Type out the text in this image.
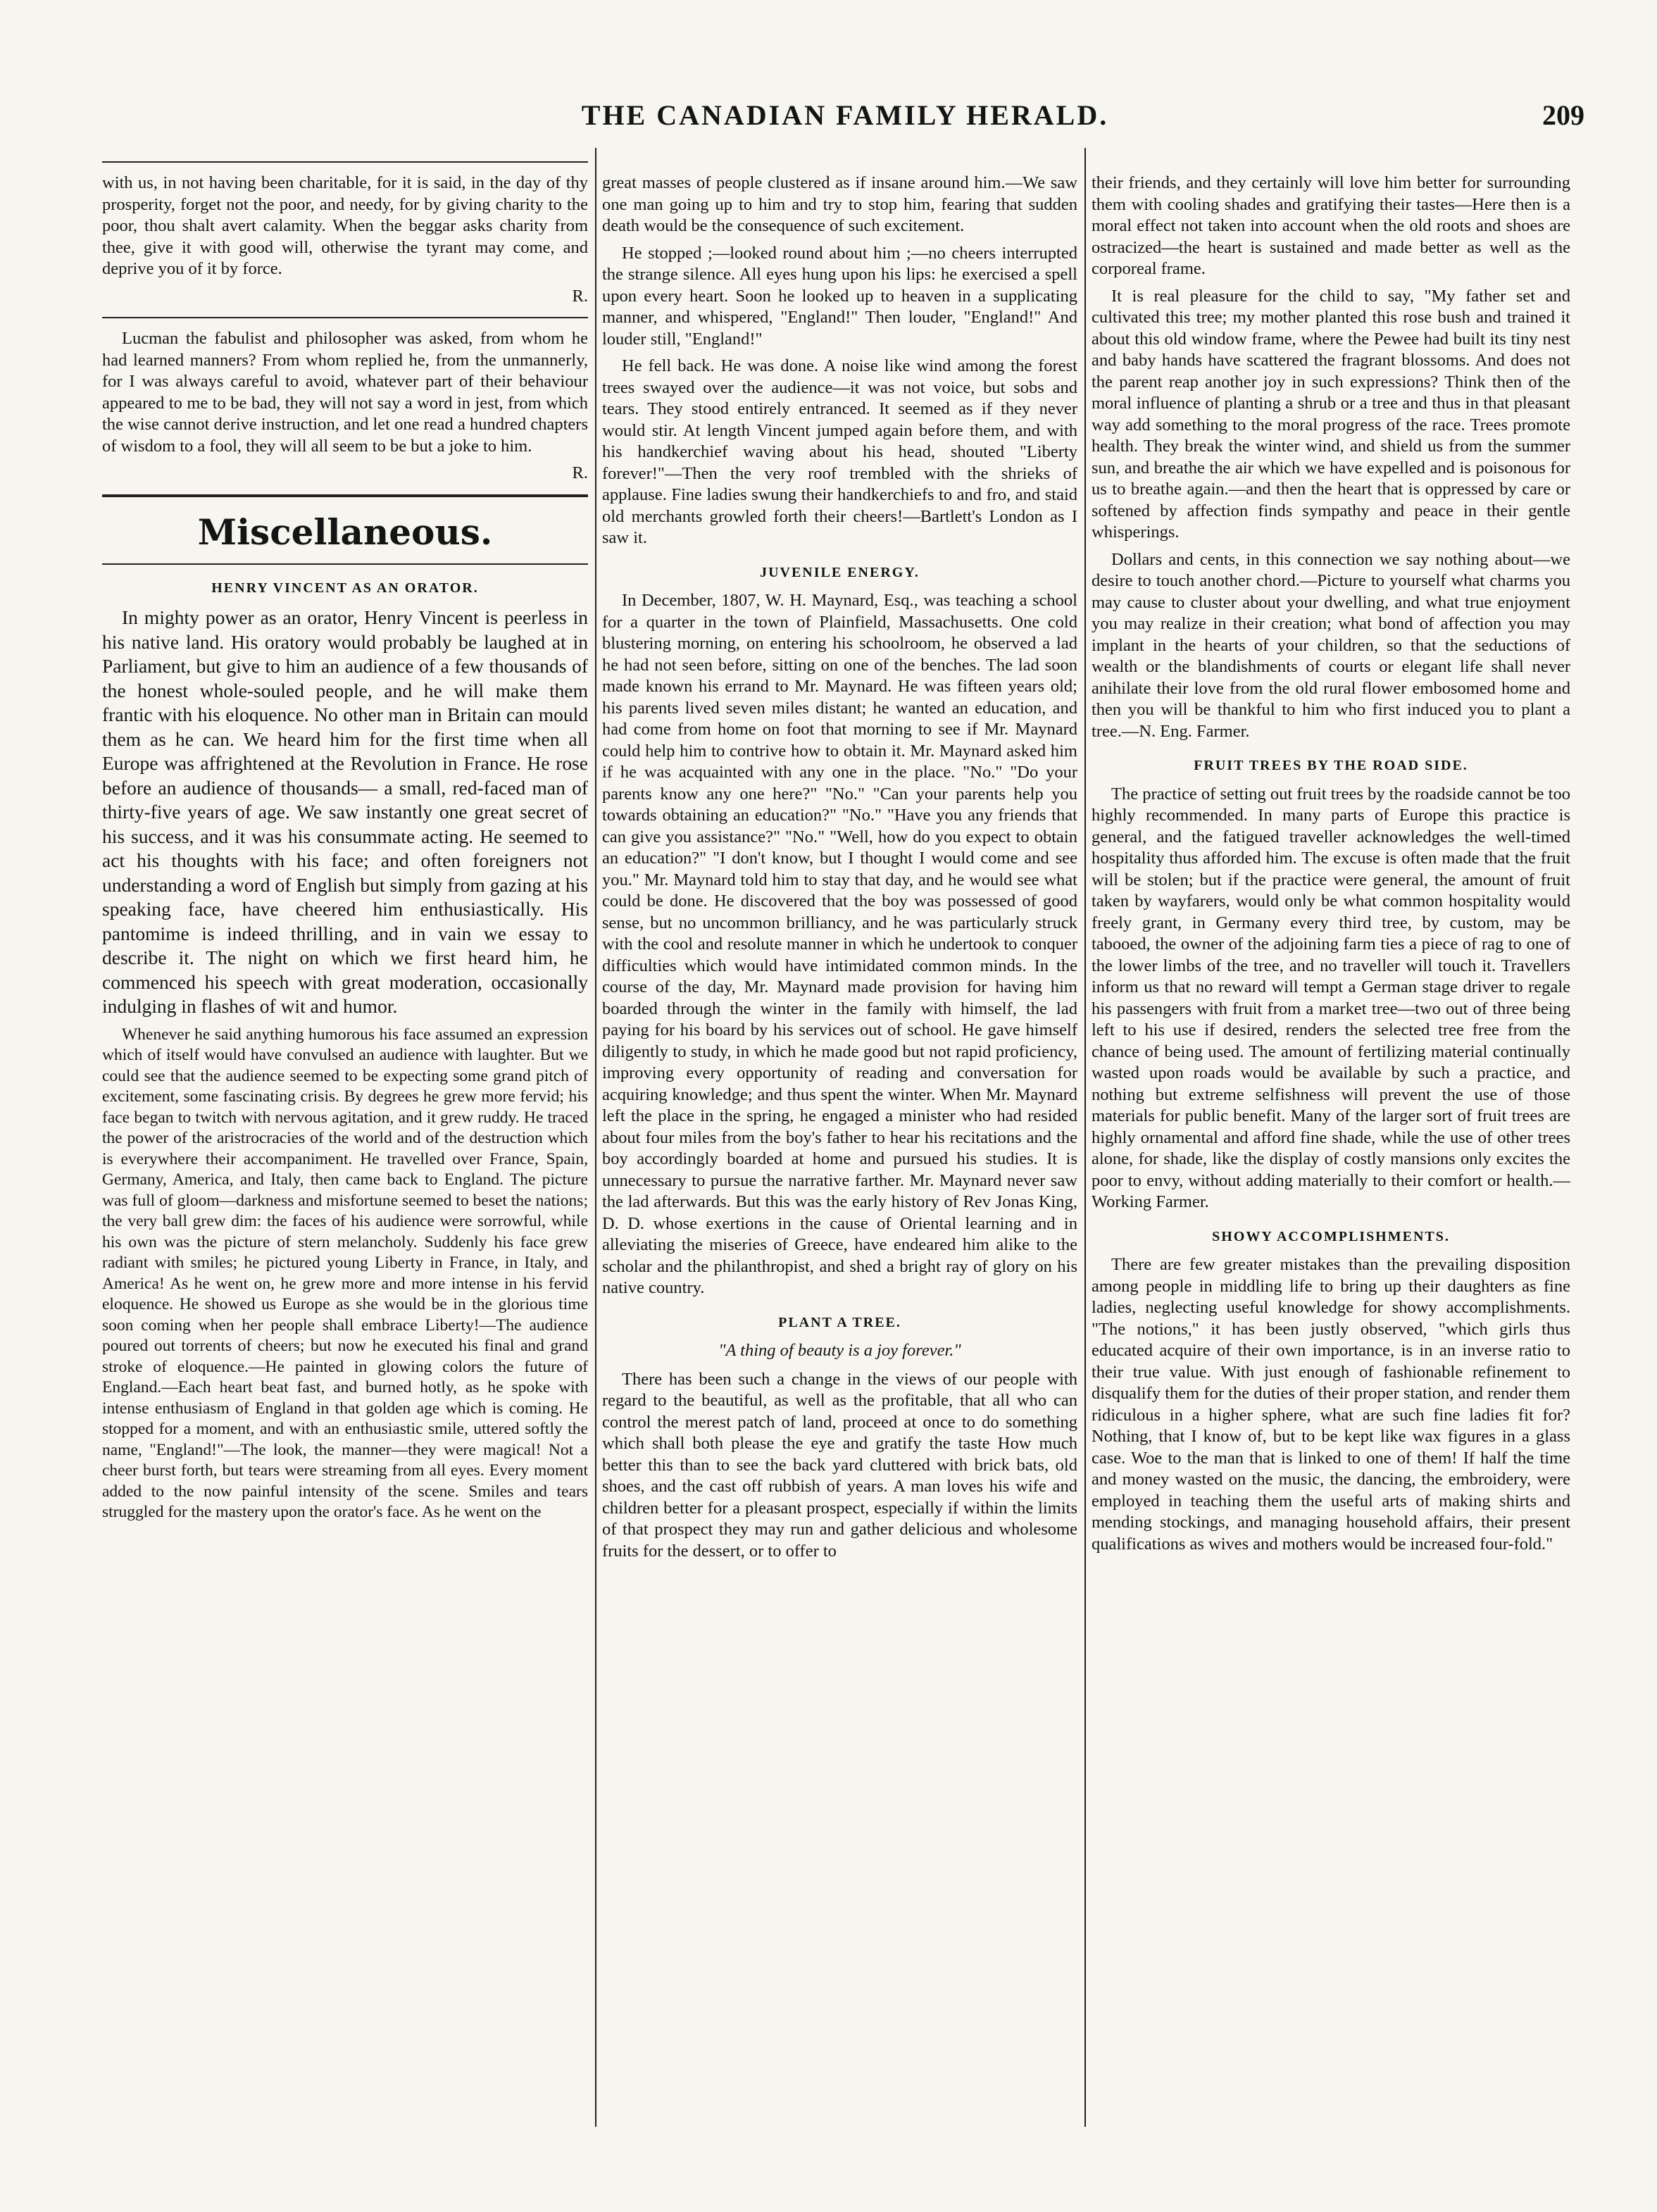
THE CANADIAN FAMILY HERALD.	209

with us, in not having been charitable, for it is said, in the day of thy prosperity, forget not the poor, and needy, for by giving charity to the poor, thou shalt avert calamity. When the beggar asks charity from thee, give it with good will, otherwise the tyrant may come, and deprive you of it by force.

R.

Lucman the fabulist and philosopher was asked, from whom he had learned manners? From whom replied he, from the unmannerly, for I was always careful to avoid, whatever part of their behaviour appeared to me to be bad, they will not say a word in jest, from which the wise cannot derive instruction, and let one read a hundred chapters of wisdom to a fool, they will all seem to be but a joke to him.

R.
Miscellaneous.
HENRY VINCENT AS AN ORATOR.

In mighty power as an orator, Henry Vincent is peerless in his native land. His oratory would probably be laughed at in Parliament, but give to him an audience of a few thousands of the honest whole-souled people, and he will make them frantic with his eloquence. No other man in Britain can mould them as he can. We heard him for the first time when all Europe was affrightened at the Revolution in France. He rose before an audience of thousands— a small, red-faced man of thirty-five years of age. We saw instantly one great secret of his success, and it was his consummate acting. He seemed to act his thoughts with his face; and often foreigners not understanding a word of English but simply from gazing at his speaking face, have cheered him enthusiastically. His pantomime is indeed thrilling, and in vain we essay to describe it. The night on which we first heard him, he commenced his speech with great moderation, occasionally indulging in flashes of wit and humor.

Whenever he said anything humorous his face assumed an expression which of itself would have convulsed an audience with laughter. But we could see that the audience seemed to be expecting some grand pitch of excitement, some fascinating crisis. By degrees he grew more fervid; his face began to twitch with nervous agitation, and it grew ruddy. He traced the power of the aristrocracies of the world and of the destruction which is everywhere their accompaniment. He travelled over France, Spain, Germany, America, and Italy, then came back to England. The picture was full of gloom—darkness and misfortune seemed to beset the nations; the very ball grew dim: the faces of his audience were sorrowful, while his own was the picture of stern melancholy. Suddenly his face grew radiant with smiles; he pictured young Liberty in France, in Italy, and America! As he went on, he grew more and more intense in his fervid eloquence. He showed us Europe as she would be in the glorious time soon coming when her people shall embrace Liberty!—The audience poured out torrents of cheers; but now he executed his final and grand stroke of eloquence.—He painted in glowing colors the future of England.—Each heart beat fast, and burned hotly, as he spoke with intense enthusiasm of England in that golden age which is coming. He stopped for a moment, and with an enthusiastic smile, uttered softly the name, "England!"—The look, the manner—they were magical! Not a cheer burst forth, but tears were streaming from all eyes. Every moment added to the now painful intensity of the scene. Smiles and tears struggled for the mastery upon the orator's face. As he went on the

great masses of people clustered as if insane around him.—We saw one man going up to him and try to stop him, fearing that sudden death would be the consequence of such excitement.

He stopped ;—looked round about him ;—no cheers interrupted the strange silence. All eyes hung upon his lips: he exercised a spell upon every heart. Soon he looked up to heaven in a supplicating manner, and whispered, "England!" Then louder, "England!" And louder still, "England!"

He fell back. He was done. A noise like wind among the forest trees swayed over the audience—it was not voice, but sobs and tears. They stood entirely entranced. It seemed as if they never would stir. At length Vincent jumped again before them, and with his handkerchief waving about his head, shouted "Liberty forever!"—Then the very roof trembled with the shrieks of applause. Fine ladies swung their handkerchiefs to and fro, and staid old merchants growled forth their cheers!—Bartlett's London as I saw it.

JUVENILE ENERGY.

In December, 1807, W. H. Maynard, Esq., was teaching a school for a quarter in the town of Plainfield, Massachusetts. One cold blustering morning, on entering his schoolroom, he observed a lad he had not seen before, sitting on one of the benches. The lad soon made known his errand to Mr. Maynard. He was fifteen years old; his parents lived seven miles distant; he wanted an education, and had come from home on foot that morning to see if Mr. Maynard could help him to contrive how to obtain it. Mr. Maynard asked him if he was acquainted with any one in the place. "No." "Do your parents know any one here?" "No." "Can your parents help you towards obtaining an education?" "No." "Have you any friends that can give you assistance?" "No." "Well, how do you expect to obtain an education?" "I don't know, but I thought I would come and see you." Mr. Maynard told him to stay that day, and he would see what could be done. He discovered that the boy was possessed of good sense, but no uncommon brilliancy, and he was particularly struck with the cool and resolute manner in which he undertook to conquer difficulties which would have intimidated common minds. In the course of the day, Mr. Maynard made provision for having him boarded through the winter in the family with himself, the lad paying for his board by his services out of school. He gave himself diligently to study, in which he made good but not rapid proficiency, improving every opportunity of reading and conversation for acquiring knowledge; and thus spent the winter. When Mr. Maynard left the place in the spring, he engaged a minister who had resided about four miles from the boy's father to hear his recitations and the boy accordingly boarded at home and pursued his studies. It is unnecessary to pursue the narrative farther. Mr. Maynard never saw the lad afterwards. But this was the early history of Rev Jonas King, D. D. whose exertions in the cause of Oriental learning and in alleviating the miseries of Greece, have endeared him alike to the scholar and the philanthropist, and shed a bright ray of glory on his native country.

PLANT A TREE.
"A thing of beauty is a joy forever."

There has been such a change in the views of our people with regard to the beautiful, as well as the profitable, that all who can control the merest patch of land, proceed at once to do something which shall both please the eye and gratify the taste How much better this than to see the back yard cluttered with brick bats, old shoes, and the cast off rubbish of years. A man loves his wife and children better for a pleasant prospect, especially if within the limits of that prospect they may run and gather delicious and wholesome fruits for the dessert, or to offer to

their friends, and they certainly will love him better for surrounding them with cooling shades and gratifying their tastes—Here then is a moral effect not taken into account when the old roots and shoes are ostracized—the heart is sustained and made better as well as the corporeal frame.

It is real pleasure for the child to say, "My father set and cultivated this tree; my mother planted this rose bush and trained it about this old window frame, where the Pewee had built its tiny nest and baby hands have scattered the fragrant blossoms. And does not the parent reap another joy in such expressions? Think then of the moral influence of planting a shrub or a tree and thus in that pleasant way add something to the moral progress of the race. Trees promote health. They break the winter wind, and shield us from the summer sun, and breathe the air which we have expelled and is poisonous for us to breathe again.—and then the heart that is oppressed by care or softened by affection finds sympathy and peace in their gentle whisperings.

Dollars and cents, in this connection we say nothing about—we desire to touch another chord.—Picture to yourself what charms you may cause to cluster about your dwelling, and what true enjoyment you may realize in their creation; what bond of affection you may implant in the hearts of your children, so that the seductions of wealth or the blandishments of courts or elegant life shall never anihilate their love from the old rural flower embosomed home and then you will be thankful to him who first induced you to plant a tree.—N. Eng. Farmer.

FRUIT TREES BY THE ROAD SIDE.

The practice of setting out fruit trees by the roadside cannot be too highly recommended. In many parts of Europe this practice is general, and the fatigued traveller acknowledges the well-timed hospitality thus afforded him. The excuse is often made that the fruit will be stolen; but if the practice were general, the amount of fruit taken by wayfarers, would only be what common hospitality would freely grant, in Germany every third tree, by custom, may be tabooed, the owner of the adjoining farm ties a piece of rag to one of the lower limbs of the tree, and no traveller will touch it. Travellers inform us that no reward will tempt a German stage driver to regale his passengers with fruit from a market tree—two out of three being left to his use if desired, renders the selected tree free from the chance of being used. The amount of fertilizing material continually wasted upon roads would be available by such a practice, and nothing but extreme selfishness will prevent the use of those materials for public benefit. Many of the larger sort of fruit trees are highly ornamental and afford fine shade, while the use of other trees alone, for shade, like the display of costly mansions only excites the poor to envy, without adding materially to their comfort or health.—Working Farmer.

SHOWY ACCOMPLISHMENTS.

There are few greater mistakes than the prevailing disposition among people in middling life to bring up their daughters as fine ladies, neglecting useful knowledge for showy accomplishments. "The notions," it has been justly observed, "which girls thus educated acquire of their own importance, is in an inverse ratio to their true value. With just enough of fashionable refinement to disqualify them for the duties of their proper station, and render them ridiculous in a higher sphere, what are such fine ladies fit for? Nothing, that I know of, but to be kept like wax figures in a glass case. Woe to the man that is linked to one of them! If half the time and money wasted on the music, the dancing, the embroidery, were employed in teaching them the useful arts of making shirts and mending stockings, and managing household affairs, their present qualifications as wives and mothers would be increased four-fold."
